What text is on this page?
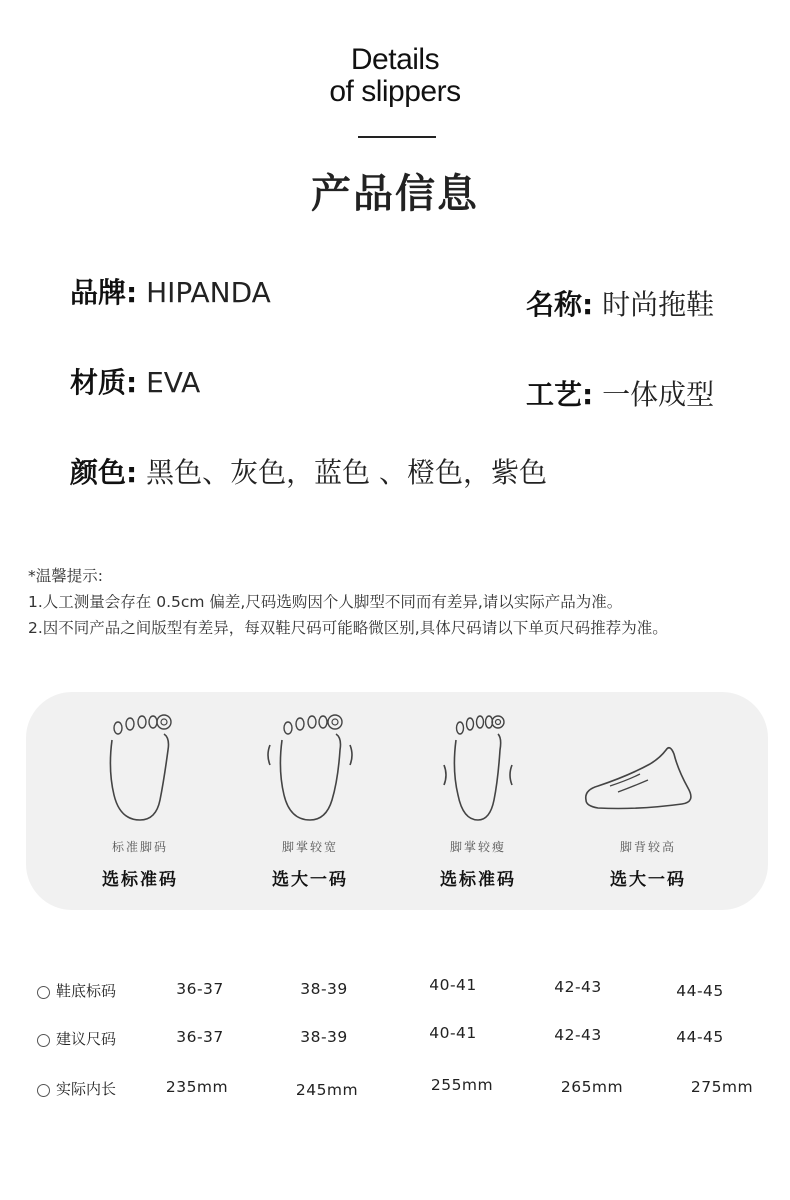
Details
of slippers
产品信息
品牌: HIPANDA	名称: 时尚拖鞋
材质: EVA	工艺: 一体成型
颜色: 黑色、灰色，蓝色 、橙色，紫色
*温馨提示:
1.人工测量会存在 0.5cm 偏差,尺码选购因个人脚型不同而有差异,请以实际产品为准。
2.因不同产品之间版型有差异，每双鞋尺码可能略微区别,具体尺码请以下单页尺码推荐为准。
标准脚码
选标准码
脚掌较宽
选大一码
脚掌较瘦
选标准码
脚背较高
选大一码
鞋底标码	36-37	38-39	40-41	42-43	44-45
建议尺码	36-37	38-39	40-41	42-43	44-45
实际内长	235mm	245mm	255mm	265mm	275mm
